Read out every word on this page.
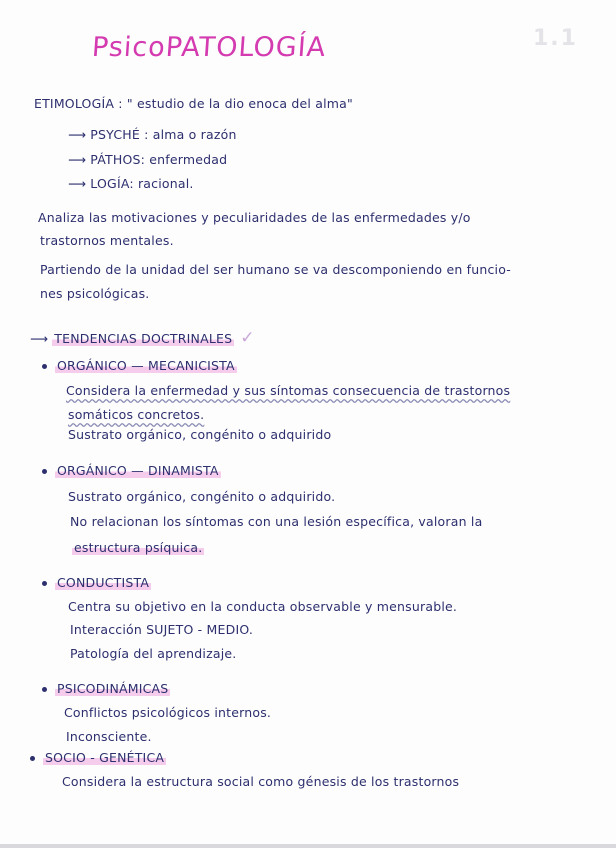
PsicoPATOLOGÍA	1.1
ETIMOLOGÍA : " estudio de la dio enoca del alma"
⟶ PSYCHÉ : alma o razón
⟶ PÁTHOS: enfermedad
⟶ LOGÍA: racional.
Analiza las motivaciones y peculiaridades de las enfermedades y/o
trastornos mentales.
Partiendo de la unidad del ser humano se va descomponiendo en funcio-
nes psicológicas.
⟶ TENDENCIAS DOCTRINALES ✓
ORGÁNICO — MECANICISTA
Considera la enfermedad y sus síntomas consecuencia de trastornos
somáticos concretos.
Sustrato orgánico, congénito o adquirido
ORGÁNICO — DINAMISTA
Sustrato orgánico, congénito o adquirido.
No relacionan los síntomas con una lesión específica, valoran la
estructura psíquica.
CONDUCTISTA
Centra su objetivo en la conducta observable y mensurable.
Interacción SUJETO - MEDIO.
Patología del aprendizaje.
PSICODINÁMICAS
Conflictos psicológicos internos.
Inconsciente.
SOCIO - GENÉTICA
Considera la estructura social como génesis de los trastornos
